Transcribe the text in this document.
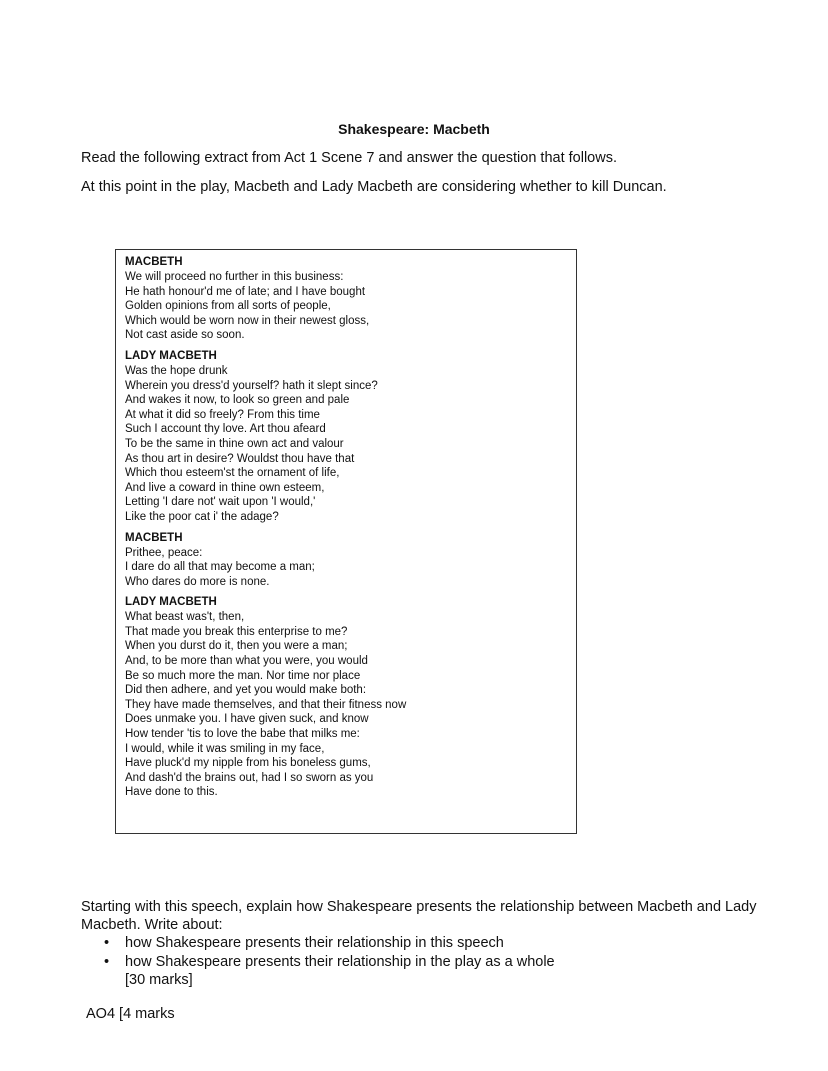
Shakespeare: Macbeth
Read the following extract from Act 1 Scene 7 and answer the question that follows.
At this point in the play, Macbeth and Lady Macbeth are considering whether to kill Duncan.
MACBETH
We will proceed no further in this business:
He hath honour'd me of late; and I have bought
Golden opinions from all sorts of people,
Which would be worn now in their newest gloss,
Not cast aside so soon.
LADY MACBETH
Was the hope drunk
Wherein you dress'd yourself? hath it slept since?
And wakes it now, to look so green and pale
At what it did so freely? From this time
Such I account thy love. Art thou afeard
To be the same in thine own act and valour
As thou art in desire? Wouldst thou have that
Which thou esteem'st the ornament of life,
And live a coward in thine own esteem,
Letting 'I dare not' wait upon 'I would,'
Like the poor cat i' the adage?
MACBETH
Prithee, peace:
I dare do all that may become a man;
Who dares do more is none.
LADY MACBETH
What beast was't, then,
That made you break this enterprise to me?
When you durst do it, then you were a man;
And, to be more than what you were, you would
Be so much more the man. Nor time nor place
Did then adhere, and yet you would make both:
They have made themselves, and that their fitness now
Does unmake you. I have given suck, and know
How tender 'tis to love the babe that milks me:
I would, while it was smiling in my face,
Have pluck'd my nipple from his boneless gums,
And dash'd the brains out, had I so sworn as you
Have done to this.
Starting with this speech, explain how Shakespeare presents the relationship between Macbeth and Lady Macbeth. Write about:
• how Shakespeare presents their relationship in this speech
• how Shakespeare presents their relationship in the play as a whole
[30 marks]
AO4 [4 marks
